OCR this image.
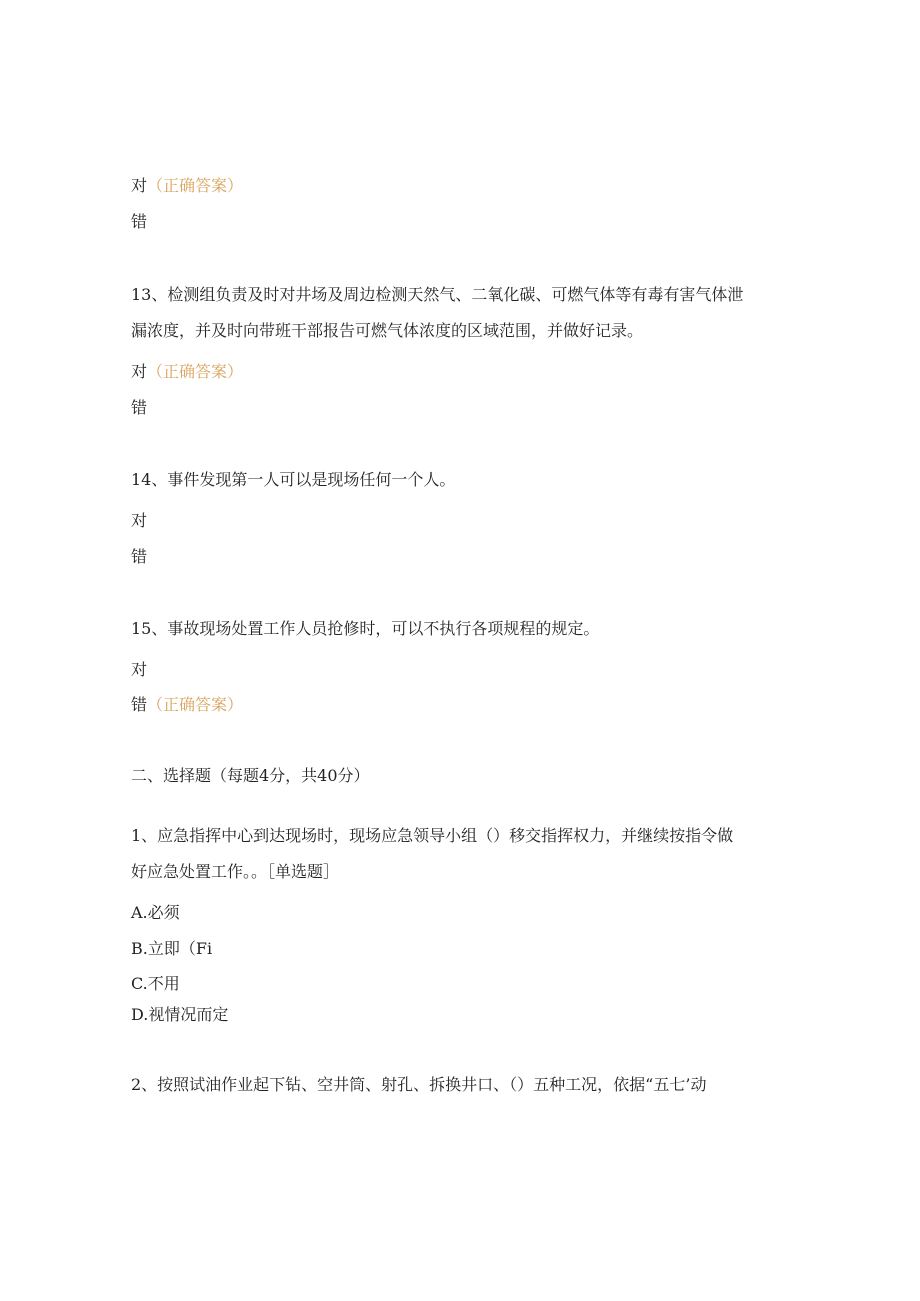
对（正确答案）
错
13、检测组负责及时对井场及周边检测天然气、二氧化碳、可燃气体等有毒有害气体泄
漏浓度，并及时向带班干部报告可燃气体浓度的区域范围，并做好记录。
对（正确答案）
错
14、事件发现第一人可以是现场任何一个人。
对
错
15、事故现场处置工作人员抢修时，可以不执行各项规程的规定。
对
错（正确答案）
二、选择题（每题4分，共40分）
1、应急指挥中心到达现场时，现场应急领导小组（）移交指挥权力，并继续按指令做
好应急处置工作。。［单选题］
A.必须
B.立即（Fi
C.不用
D.视情况而定
2、按照试油作业起下钻、空井筒、射孔、拆换井口、（）五种工况，依据“五七’动
